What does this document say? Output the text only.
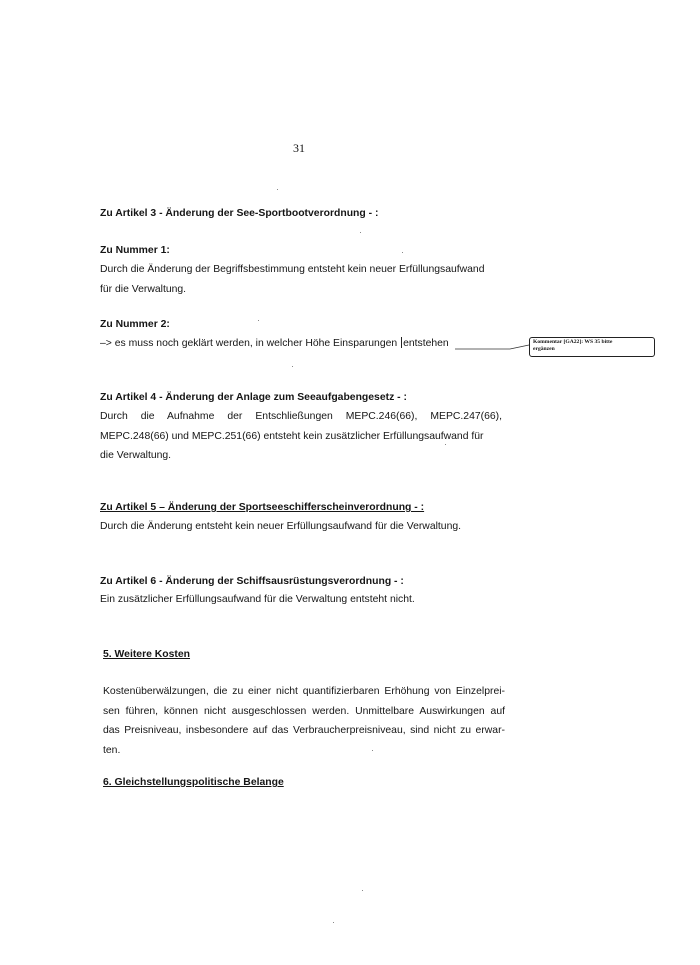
31
Zu Artikel 3 - Änderung der See-Sportbootverordnung - :
Zu Nummer 1:

Durch die Änderung der Begriffsbestimmung entsteht kein neuer Erfüllungsaufwand

für die Verwaltung.

Zu Nummer 2:
–> es muss noch geklärt werden, in welcher Höhe Einsparungen entstehen	Kommentar [GA22]: WS 35 bitte
ergänzen
Zu Artikel 4 - Änderung der Anlage zum Seeaufgabengesetz - :

Durch die Aufnahme der Entschließungen MEPC.246(66), MEPC.247(66),

MEPC.248(66) und MEPC.251(66) entsteht kein zusätzlicher Erfüllungsaufwand für

die Verwaltung.

Zu Artikel 5 – Änderung der Sportseeschifferscheinverordnung - :
Durch die Änderung entsteht kein neuer Erfüllungsaufwand für die Verwaltung.
Zu Artikel 6 - Änderung der Schiffsausrüstungsverordnung - :
Ein zusätzlicher Erfüllungsaufwand für die Verwaltung entsteht nicht.
5. Weitere Kosten

Kostenüberwälzungen, die zu einer nicht quantifizierbaren Erhöhung von Einzelprei-

sen führen, können nicht ausgeschlossen werden. Unmittelbare Auswirkungen auf

das Preisniveau, insbesondere auf das Verbraucherpreisniveau, sind nicht zu erwar-

ten.

6. Gleichstellungspolitische Belange
